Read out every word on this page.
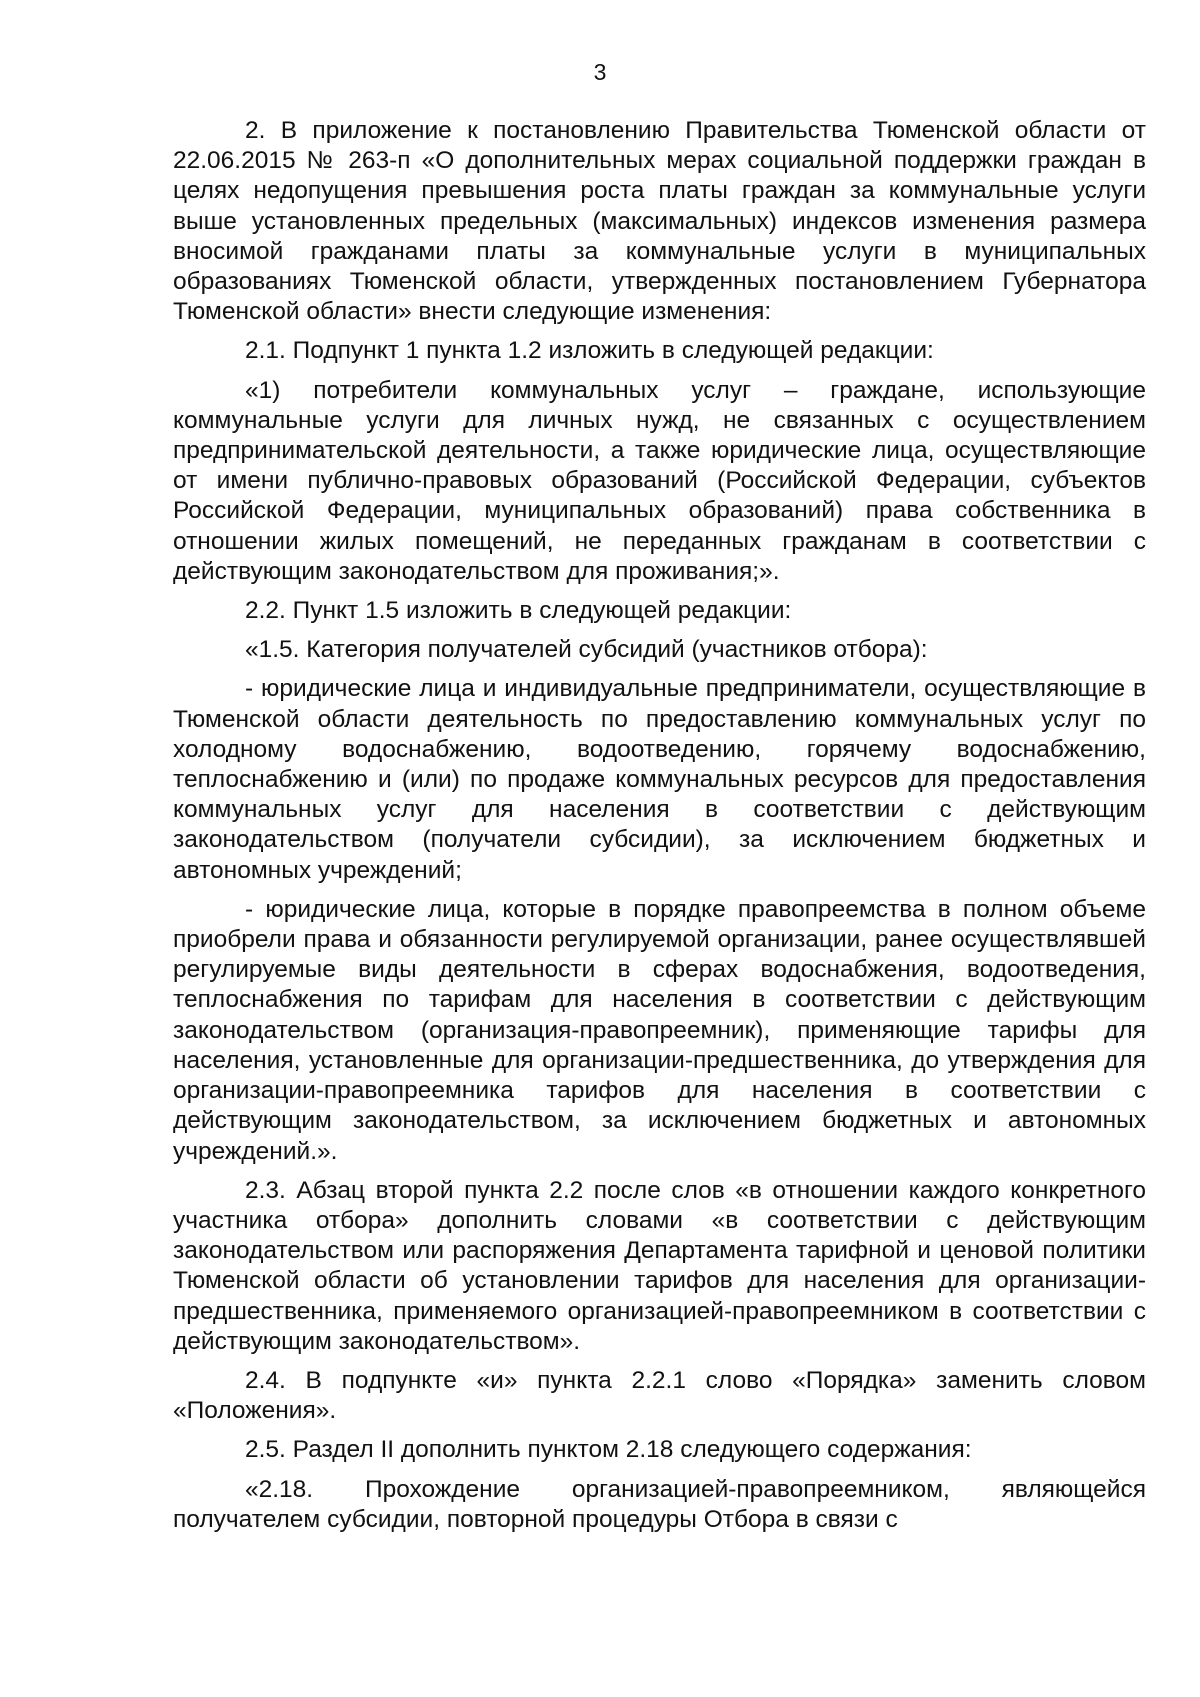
3

2. В приложение к постановлению Правительства Тюменской области от 22.06.2015 № 263-п «О дополнительных мерах социальной поддержки граждан в целях недопущения превышения роста платы граждан за коммунальные услуги выше установленных предельных (максимальных) индексов изменения размера вносимой гражданами платы за коммунальные услуги в муниципальных образованиях Тюменской области, утвержденных постановлением Губернатора Тюменской области» внести следующие изменения:

2.1. Подпункт 1 пункта 1.2 изложить в следующей редакции:

«1) потребители коммунальных услуг – граждане, использующие коммунальные услуги для личных нужд, не связанных с осуществлением предпринимательской деятельности, а также юридические лица, осуществляющие от имени публично-правовых образований (Российской Федерации, субъектов Российской Федерации, муниципальных образований) права собственника в отношении жилых помещений, не переданных гражданам в соответствии с действующим законодательством для проживания;».

2.2. Пункт 1.5 изложить в следующей редакции:

«1.5. Категория получателей субсидий (участников отбора):

- юридические лица и индивидуальные предприниматели, осуществляющие в Тюменской области деятельность по предоставлению коммунальных услуг по холодному водоснабжению, водоотведению, горячему водоснабжению, теплоснабжению и (или) по продаже коммунальных ресурсов для предоставления коммунальных услуг для населения в соответствии с действующим законодательством (получатели субсидии), за исключением бюджетных и автономных учреждений;

- юридические лица, которые в порядке правопреемства в полном объеме приобрели права и обязанности регулируемой организации, ранее осуществлявшей регулируемые виды деятельности в сферах водоснабжения, водоотведения, теплоснабжения по тарифам для населения в соответствии с действующим законодательством (организация-правопреемник), применяющие тарифы для населения, установленные для организации-предшественника, до утверждения для организации-правопреемника тарифов для населения в соответствии с действующим законодательством, за исключением бюджетных и автономных учреждений.».

2.3. Абзац второй пункта 2.2 после слов «в отношении каждого конкретного участника отбора» дополнить словами «в соответствии с действующим законодательством или распоряжения Департамента тарифной и ценовой политики Тюменской области об установлении тарифов для населения для организации-предшественника, применяемого организацией-правопреемником в соответствии с действующим законодательством».

2.4. В подпункте «и» пункта 2.2.1 слово «Порядка» заменить словом «Положения».

2.5. Раздел II дополнить пунктом 2.18 следующего содержания:

«2.18. Прохождение организацией-правопреемником, являющейся получателем субсидии, повторной процедуры Отбора в связи с
